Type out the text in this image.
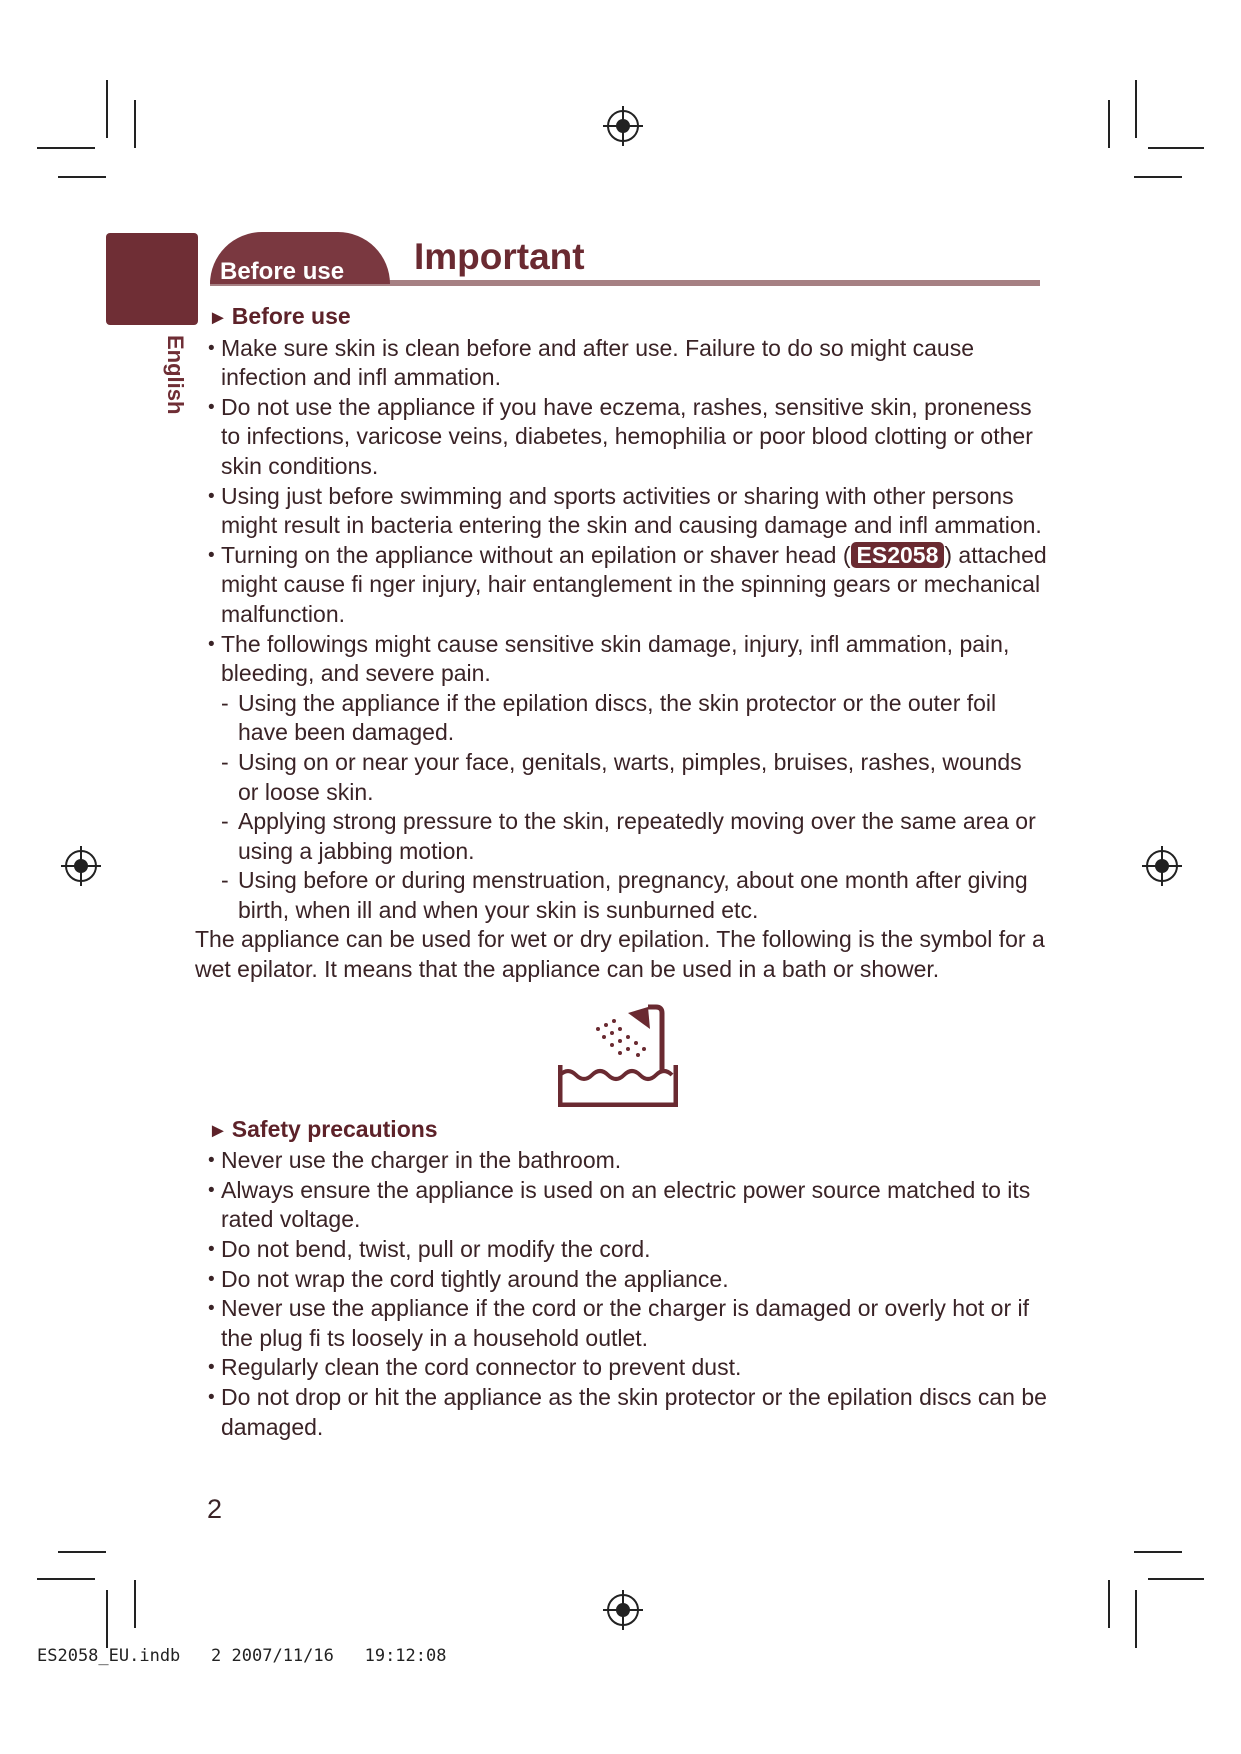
English
Before use Important
► Before use
• Make sure skin is clean before and after use. Failure to do so might cause infection and infl ammation.
• Do not use the appliance if you have eczema, rashes, sensitive skin, proneness to infections, varicose veins, diabetes, hemophilia or poor blood clotting or other skin conditions.
• Using just before swimming and sports activities or sharing with other persons might result in bacteria entering the skin and causing damage and infl ammation.
• Turning on the appliance without an epilation or shaver head ( ES2058 ) attached might cause fi nger injury, hair entanglement in the spinning gears or mechanical malfunction.
• The followings might cause sensitive skin damage, injury, infl ammation, pain, bleeding, and severe pain.
- Using the appliance if the epilation discs, the skin protector or the outer foil have been damaged.
- Using on or near your face, genitals, warts, pimples, bruises, rashes, wounds or loose skin.
- Applying strong pressure to the skin, repeatedly moving over the same area or using a jabbing motion.
- Using before or during menstruation, pregnancy, about one month after giving birth, when ill and when your skin is sunburned etc.
The appliance can be used for wet or dry epilation. The following is the symbol for a wet epilator. It means that the appliance can be used in a bath or shower.
► Safety precautions
• Never use the charger in the bathroom.
• Always ensure the appliance is used on an electric power source matched to its rated voltage.
• Do not bend, twist, pull or modify the cord.
• Do not wrap the cord tightly around the appliance.
• Never use the appliance if the cord or the charger is damaged or overly hot or if the plug fi ts loosely in a household outlet.
• Regularly clean the cord connector to prevent dust.
• Do not drop or hit the appliance as the skin protector or the epilation discs can be damaged.
2
ES2058_EU.indb 2 2007/11/16 19:12:08
